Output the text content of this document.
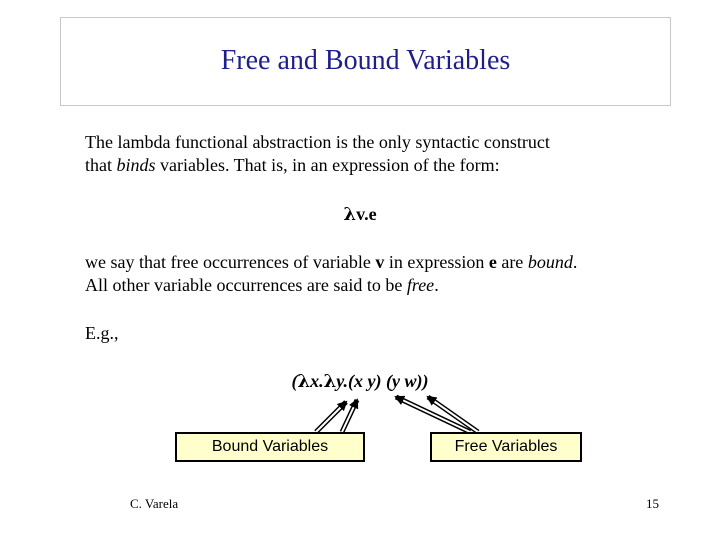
Free and Bound Variables
The lambda functional abstraction is the only syntactic construct
that binds variables. That is, in an expression of the form:
λv.e
we say that free occurrences of variable v in expression e are bound.
All other variable occurrences are said to be free.
E.g.,
(λx.λy.(x y) (y w))
Bound Variables	Free Variables
C. Varela	15
